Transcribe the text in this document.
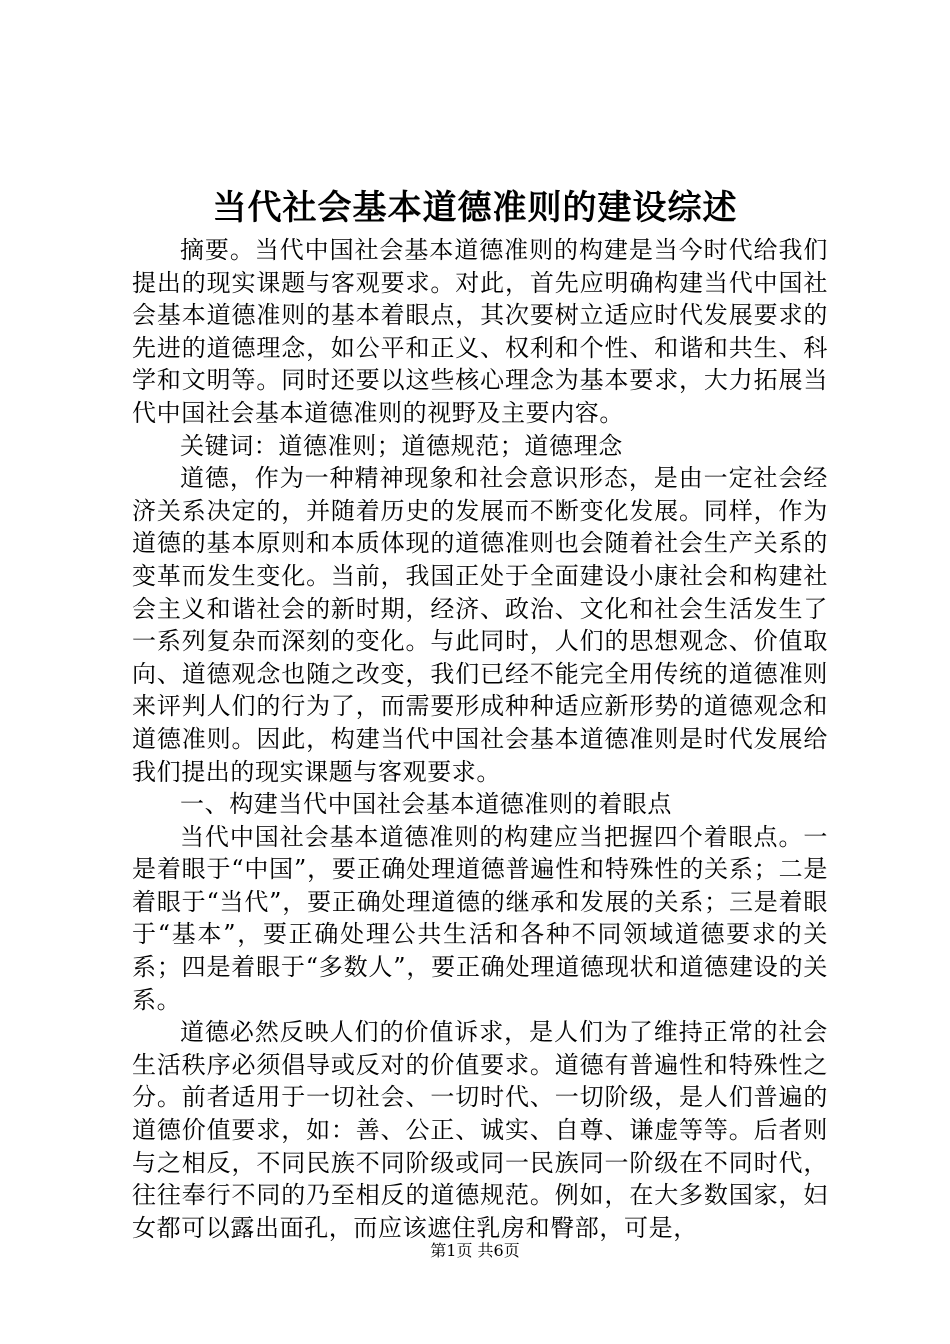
当代社会基本道德准则的建设综述

摘要。当代中国社会基本道德准则的构建是当今时代给我们提出的现实课题与客观要求。对此，首先应明确构建当代中国社会基本道德准则的基本着眼点，其次要树立适应时代发展要求的先进的道德理念，如公平和正义、权利和个性、和谐和共生、科学和文明等。同时还要以这些核心理念为基本要求，大力拓展当代中国社会基本道德准则的视野及主要内容。

关键词：道德准则；道德规范；道德理念

道德，作为一种精神现象和社会意识形态，是由一定社会经济关系决定的，并随着历史的发展而不断变化发展。同样，作为道德的基本原则和本质体现的道德准则也会随着社会生产关系的变革而发生变化。当前，我国正处于全面建设小康社会和构建社会主义和谐社会的新时期，经济、政治、文化和社会生活发生了一系列复杂而深刻的变化。与此同时，人们的思想观念、价值取向、道德观念也随之改变，我们已经不能完全用传统的道德准则来评判人们的行为了，而需要形成种种适应新形势的道德观念和道德准则。因此，构建当代中国社会基本道德准则是时代发展给我们提出的现实课题与客观要求。

一、构建当代中国社会基本道德准则的着眼点

当代中国社会基本道德准则的构建应当把握四个着眼点。一是着眼于“中国”，要正确处理道德普遍性和特殊性的关系；二是着眼于“当代”，要正确处理道德的继承和发展的关系；三是着眼于“基本”，要正确处理公共生活和各种不同领域道德要求的关系；四是着眼于“多数人”，要正确处理道德现状和道德建设的关系。

道德必然反映人们的价值诉求，是人们为了维持正常的社会生活秩序必须倡导或反对的价值要求。道德有普遍性和特殊性之分。前者适用于一切社会、一切时代、一切阶级，是人们普遍的道德价值要求，如：善、公正、诚实、自尊、谦虚等等。后者则与之相反，不同民族不同阶级或同一民族同一阶级在不同时代，往往奉行不同的乃至相反的道德规范。例如，在大多数国家，妇女都可以露出面孔，而应该遮住乳房和臀部，可是，

第1页 共6页
